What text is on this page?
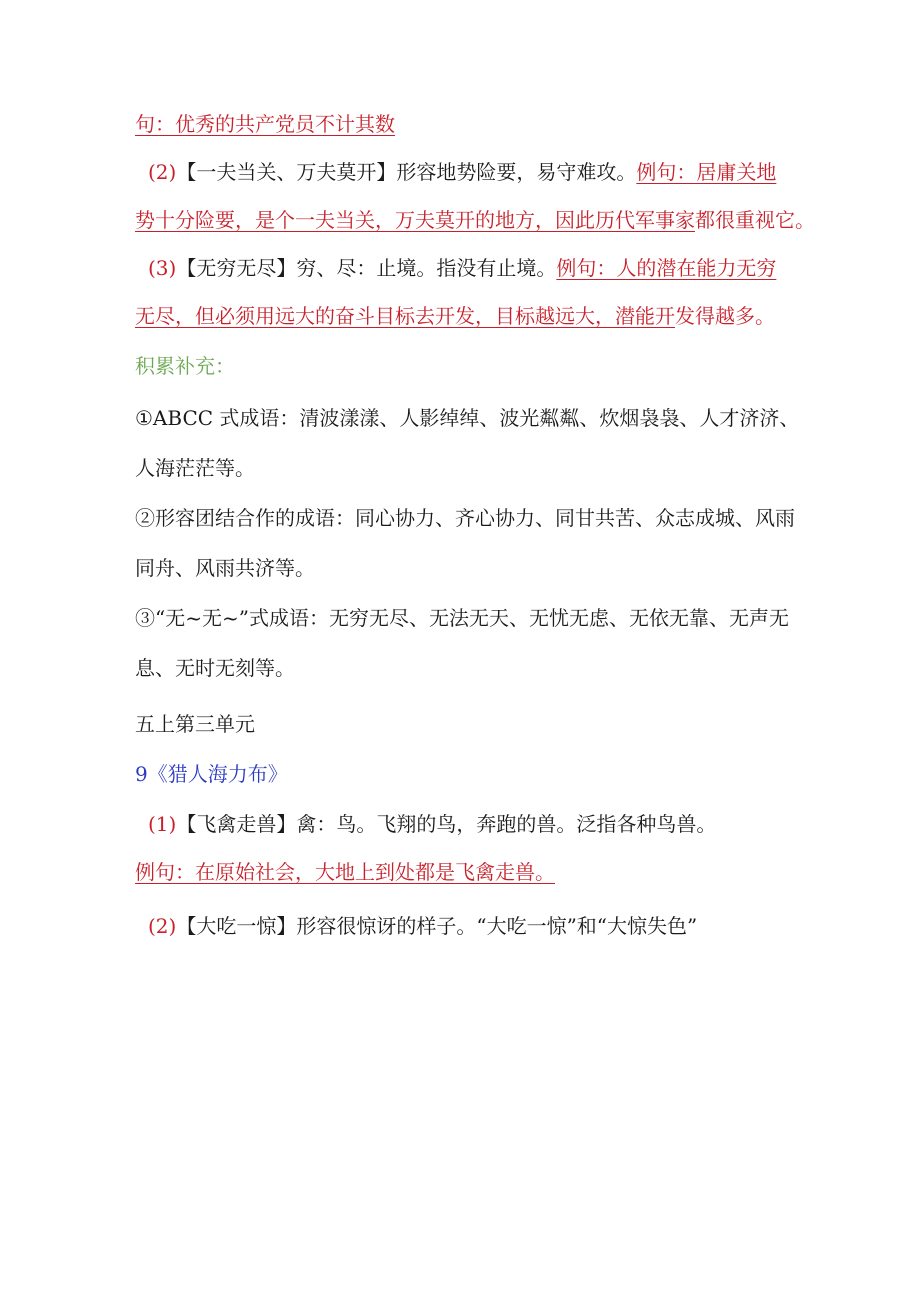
句：优秀的共产党员不计其数
(2)【一夫当关、万夫莫开】形容地势险要，易守难攻。例句：居庸关地
势十分险要，是个一夫当关，万夫莫开的地方，因此历代军事家都很重视它。
(3)【无穷无尽】穷、尽：止境。指没有止境。例句：人的潜在能力无穷
无尽，但必须用远大的奋斗目标去开发，目标越远大，潜能开发得越多。
积累补充：
①ABCC 式成语：清波漾漾、人影绰绰、波光粼粼、炊烟袅袅、人才济济、
人海茫茫等。
②形容团结合作的成语：同心协力、齐心协力、同甘共苦、众志成城、风雨
同舟、风雨共济等。
③“无~无~”式成语：无穷无尽、无法无天、无忧无虑、无依无靠、无声无
息、无时无刻等。
五上第三单元
9《猎人海力布》
(1)【飞禽走兽】禽：鸟。飞翔的鸟，奔跑的兽。泛指各种鸟兽。
例句：在原始社会，大地上到处都是飞禽走兽。
(2)【大吃一惊】形容很惊讶的样子。“大吃一惊”和“大惊失色”
